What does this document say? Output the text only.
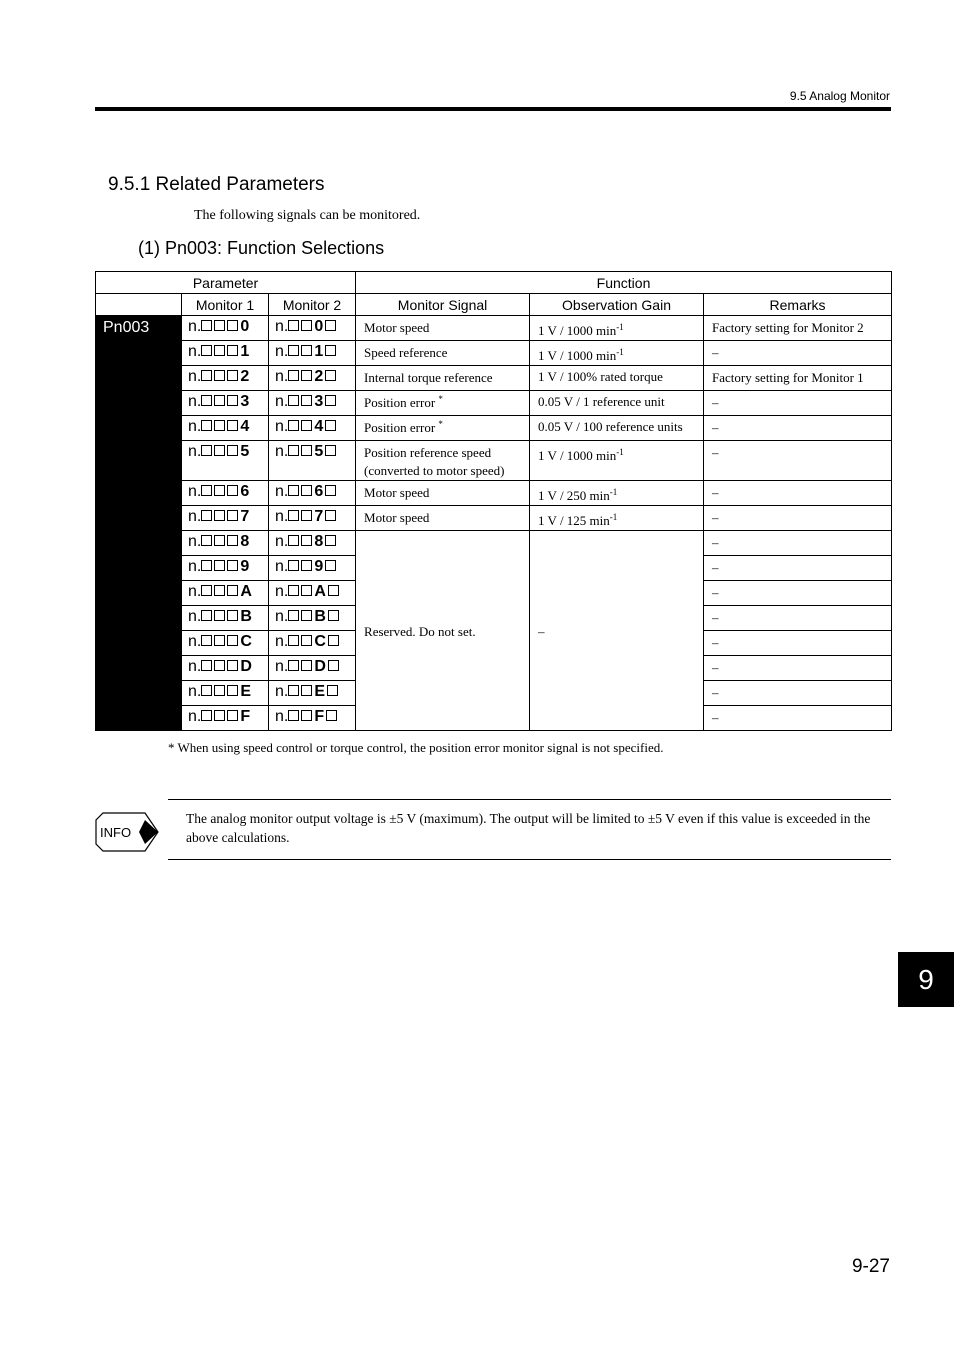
9.5 Analog Monitor
9.5.1 Related Parameters
The following signals can be monitored.
(1) Pn003: Function Selections
Parameter			Function		
	Monitor 1	Monitor 2	Monitor Signal	Observation Gain	Remarks
Pn003	n. 0	n. 0	Motor speed	1 V / 1000 $\min^{-1}$	Factory setting for Monitor 2
	n. 1	n. 1	Speed reference	1 V / 1000 $\min^{-1}$	–
	n. 2	n. 2	Internal torque reference	1 V / 100% rated torque	Factory setting for Monitor 1
	n. 3	n. 3	Position error *	0.05 V / 1 reference unit	–
	n. 4	n. 4	Position error *	0.05 V / 100 reference units	–
	n. 5	n. 5	Position reference speed
(converted to motor speed)	1 V / 1000 $\min^{-1}$	–
	n. 6	n. 6	Motor speed	1 V / 250 $\min^{-1}$	–
	n. 7	n. 7	Motor speed	1 V / 125 $\min^{-1}$	–
	n. 8	n. 8	Reserved. Do not set.	–	–
	n. 9	n. 9			–
	n. A	n. A			–
	n. B	n. B			–
	n. C	n. C			–
	n. D	n. D			–
	n. E	n. E			–
	n. F	n. F			–
* When using speed control or torque control, the position error monitor signal is not specified.
INFO
The analog monitor output voltage is ±5 V (maximum). The output will be limited to ±5 V even if this value is exceeded in the above calculations.
9
9-27
